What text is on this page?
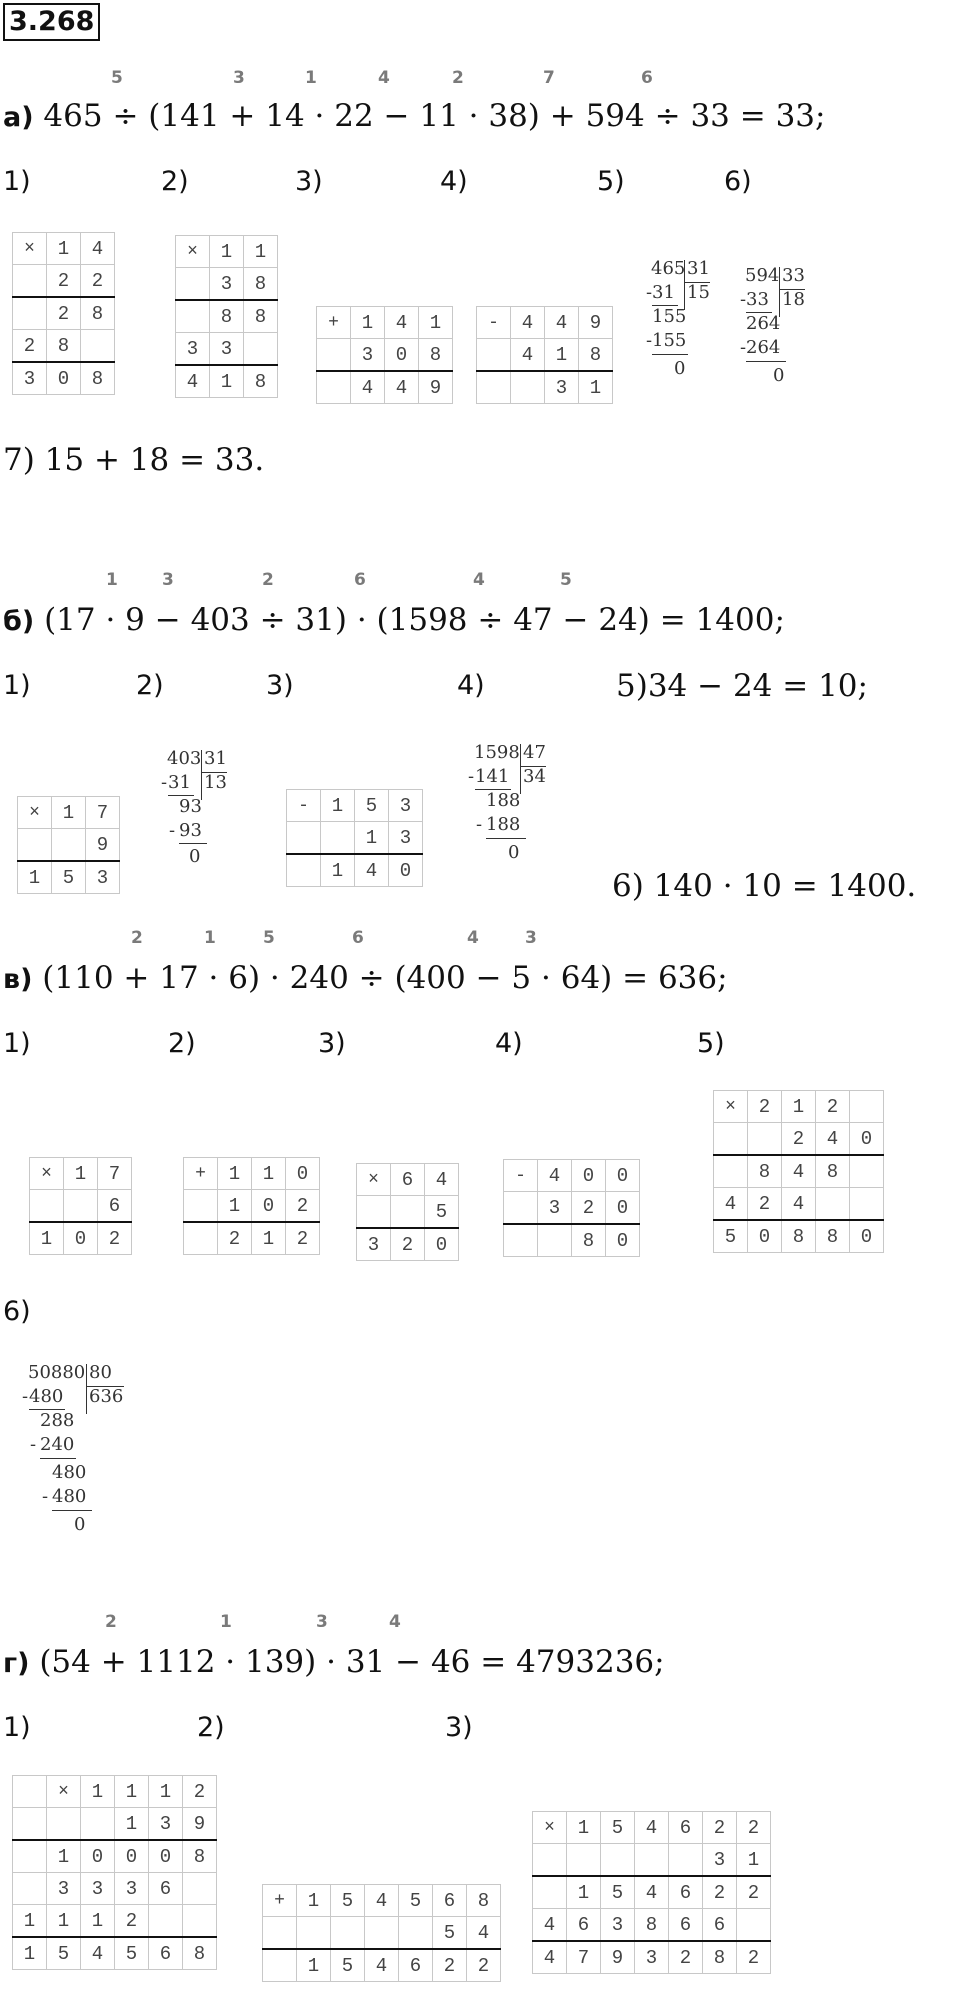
3.268
5	3	1	4	2	7	6
а) 465 ÷ (141 + 14 · 22 − 11 · 38) + 594 ÷ 33 = 33;
1)	2)	3)	4)	5)	6)
×	1	4
	2	2
	2	8
2	8	
3	0	8
×	1	1
	3	8
	8	8
3	3	
4	1	8
+	1	4	1
	3	0	8
	4	4	9
-	4	4	9
	4	1	8
		3	1
465 31
- 31 15
155
- 155
0
594 33
- 33 18
264
- 264
0
7) 15 + 18 = 33.
1	3	2	6	4	5
б) (17 · 9 − 403 ÷ 31) · (1598 ÷ 47 − 24) = 1400;
1)	2)	3)	4)	5)34 − 24 = 10;
×	1	7
		9
1	5	3
-	1	5	3
		1	3
	1	4	0
403 31
- 31 13
93
- 93
0
1598 47
- 141 34
188
- 188
0
6) 140 · 10 = 1400.
2	1	5	6	4	3
в) (110 + 17 · 6) · 240 ÷ (400 − 5 · 64) = 636;
1)	2)	3)	4)	5)
×	1	7
		6
1	0	2
+	1	1	0
	1	0	2
	2	1	2
×	6	4
		5
3	2	0
-	4	0	0
	3	2	0
		8	0
×	2	1	2	
		2	4	0
	8	4	8	
4	2	4		
5	0	8	8	0
6)
50880 80
- 480 636
288
- 240
480
- 480
0
2	1	3	4
г) (54 + 1112 · 139) · 31 − 46 = 4793236;
1)	2)	3)
	×	1	1	1	2
			1	3	9
	1	0	0	0	8
	3	3	3	6	
1	1	1	2		
1	5	4	5	6	8
+	1	5	4	5	6	8
					5	4
	1	5	4	6	2	2
×	1	5	4	6	2	2
					3	1
	1	5	4	6	2	2
4	6	3	8	6	6	
4	7	9	3	2	8	2
